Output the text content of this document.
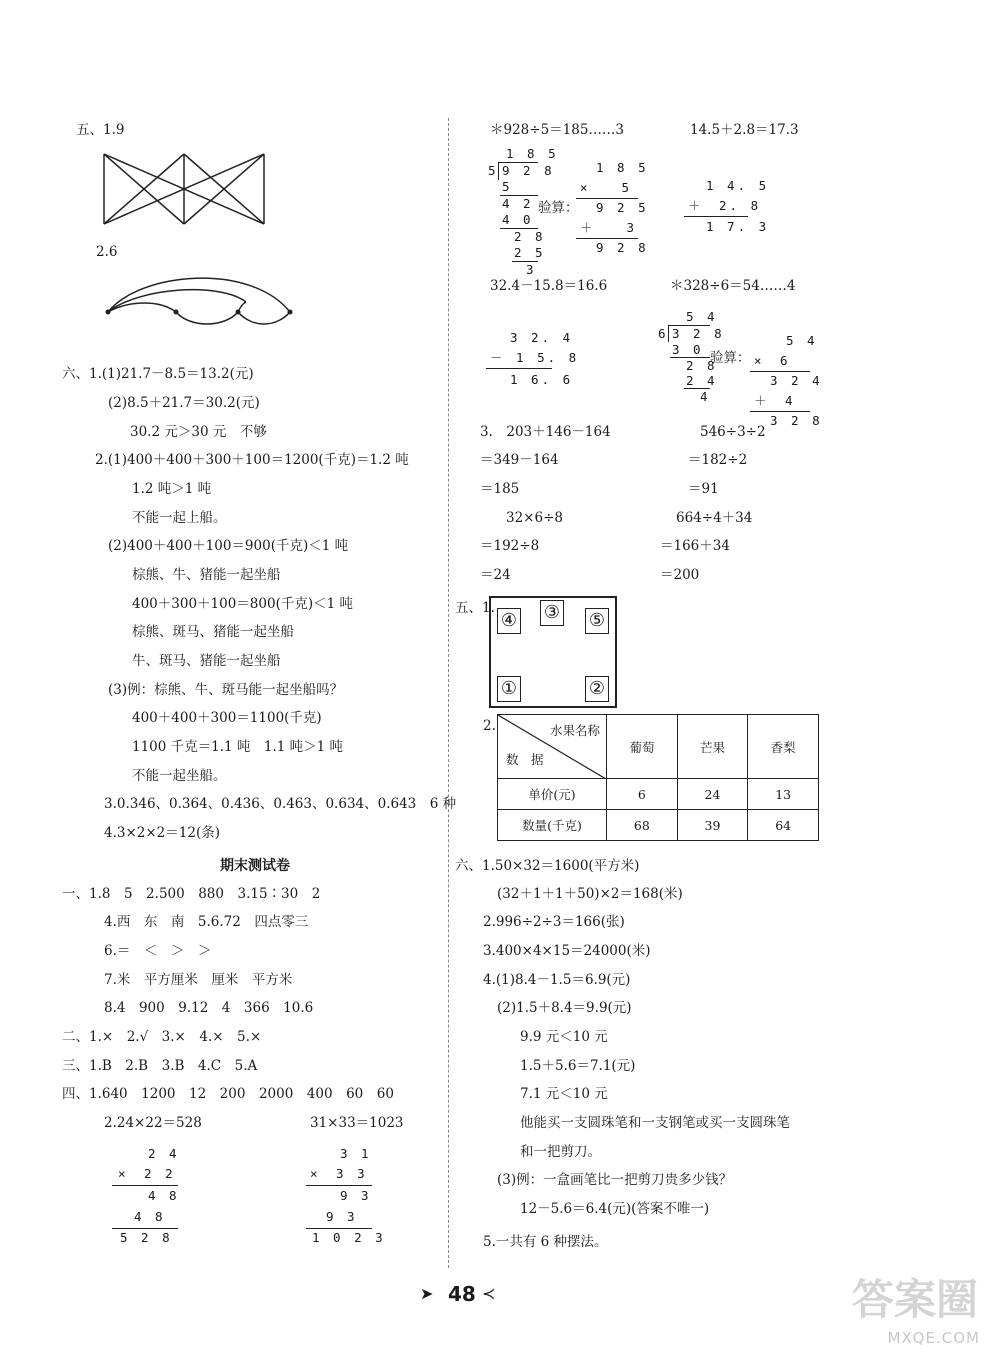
五、1.9
2.6
六、1.(1)21.7－8.5＝13.2(元)
(2)8.5＋21.7＝30.2(元)
30.2 元＞30 元　不够
2.(1)400＋400＋300＋100＝1200(千克)＝1.2 吨
1.2 吨＞1 吨
不能一起上船。
(2)400＋400＋100＝900(千克)＜1 吨
棕熊、牛、猪能一起坐船
400＋300＋100＝800(千克)＜1 吨
棕熊、斑马、猪能一起坐船
牛、斑马、猪能一起坐船
(3)例：棕熊、牛、斑马能一起坐船吗？
400＋400＋300＝1100(千克)
1100 千克＝1.1 吨　1.1 吨＞1 吨
不能一起坐船。
3.0.346、0.364、0.436、0.463、0.634、0.643　6 种
4.3×2×2＝12(条)
期末测试卷
一、1.8　5　2.500　880　3.15∶30　2
4.西　东　南　5.6.72　四点零三
6.＝　＜　＞　＞
7.米　平方厘米　厘米　平方米
8.4　900　9.12　4　366　10.6
二、1.×　2.√　3.×　4.×　5.×
三、1.B　2.B　3.B　4.C　5.A
四、1.640　1200　12　200　2000　400　60　60
2.24×22＝528	31×33＝1023
2 4
×　2 2
4 8
4 8
5 2 8
3 1
×　3 3
9 3
9 3
1 0 2 3
＊928÷5＝185……3	14.5＋2.8＝17.3
1 8 5
5 9 2 8
5
4 2
4 0
2 8
2 5
3
验算：
1 8 5
×　　5
9 2 5
＋　　3
9 2 8
1 4. 5
＋　2. 8
1 7. 3
32.4－15.8＝16.6	＊328÷6＝54……4
3 2. 4
－ 1 5. 8
1 6. 6
5 4
6 3 2 8
3 0
2 8
2 4
4
验算：
5 4
×　6
3 2 4
＋　4
3 2 8
3.　203＋146－164
＝349－164
＝185
32×6÷8
＝192÷8
＝24
546÷3÷2
＝182÷2
＝91
664÷4＋34
＝166＋34
＝200
五、1.
④ ③ ⑤
①	②
2.	水果名称
数　据	葡萄	芒果	香梨
单价(元)	6	24	13
数量(千克)	68	39	64
六、1.50×32＝1600(平方米)
(32＋1＋1＋50)×2＝168(米)
2.996÷2÷3＝166(张)
3.400×4×15＝24000(米)
4.(1)8.4－1.5＝6.9(元)
(2)1.5＋8.4＝9.9(元)
9.9 元＜10 元
1.5＋5.6＝7.1(元)
7.1 元＜10 元
他能买一支圆珠笔和一支钢笔或买一支圆珠笔
和一把剪刀。
(3)例：一盒画笔比一把剪刀贵多少钱？
12－5.6＝6.4(元)(答案不唯一)
5.一共有 6 种摆法。
➤ 48 ≺	答案圈
MXQE.COM
